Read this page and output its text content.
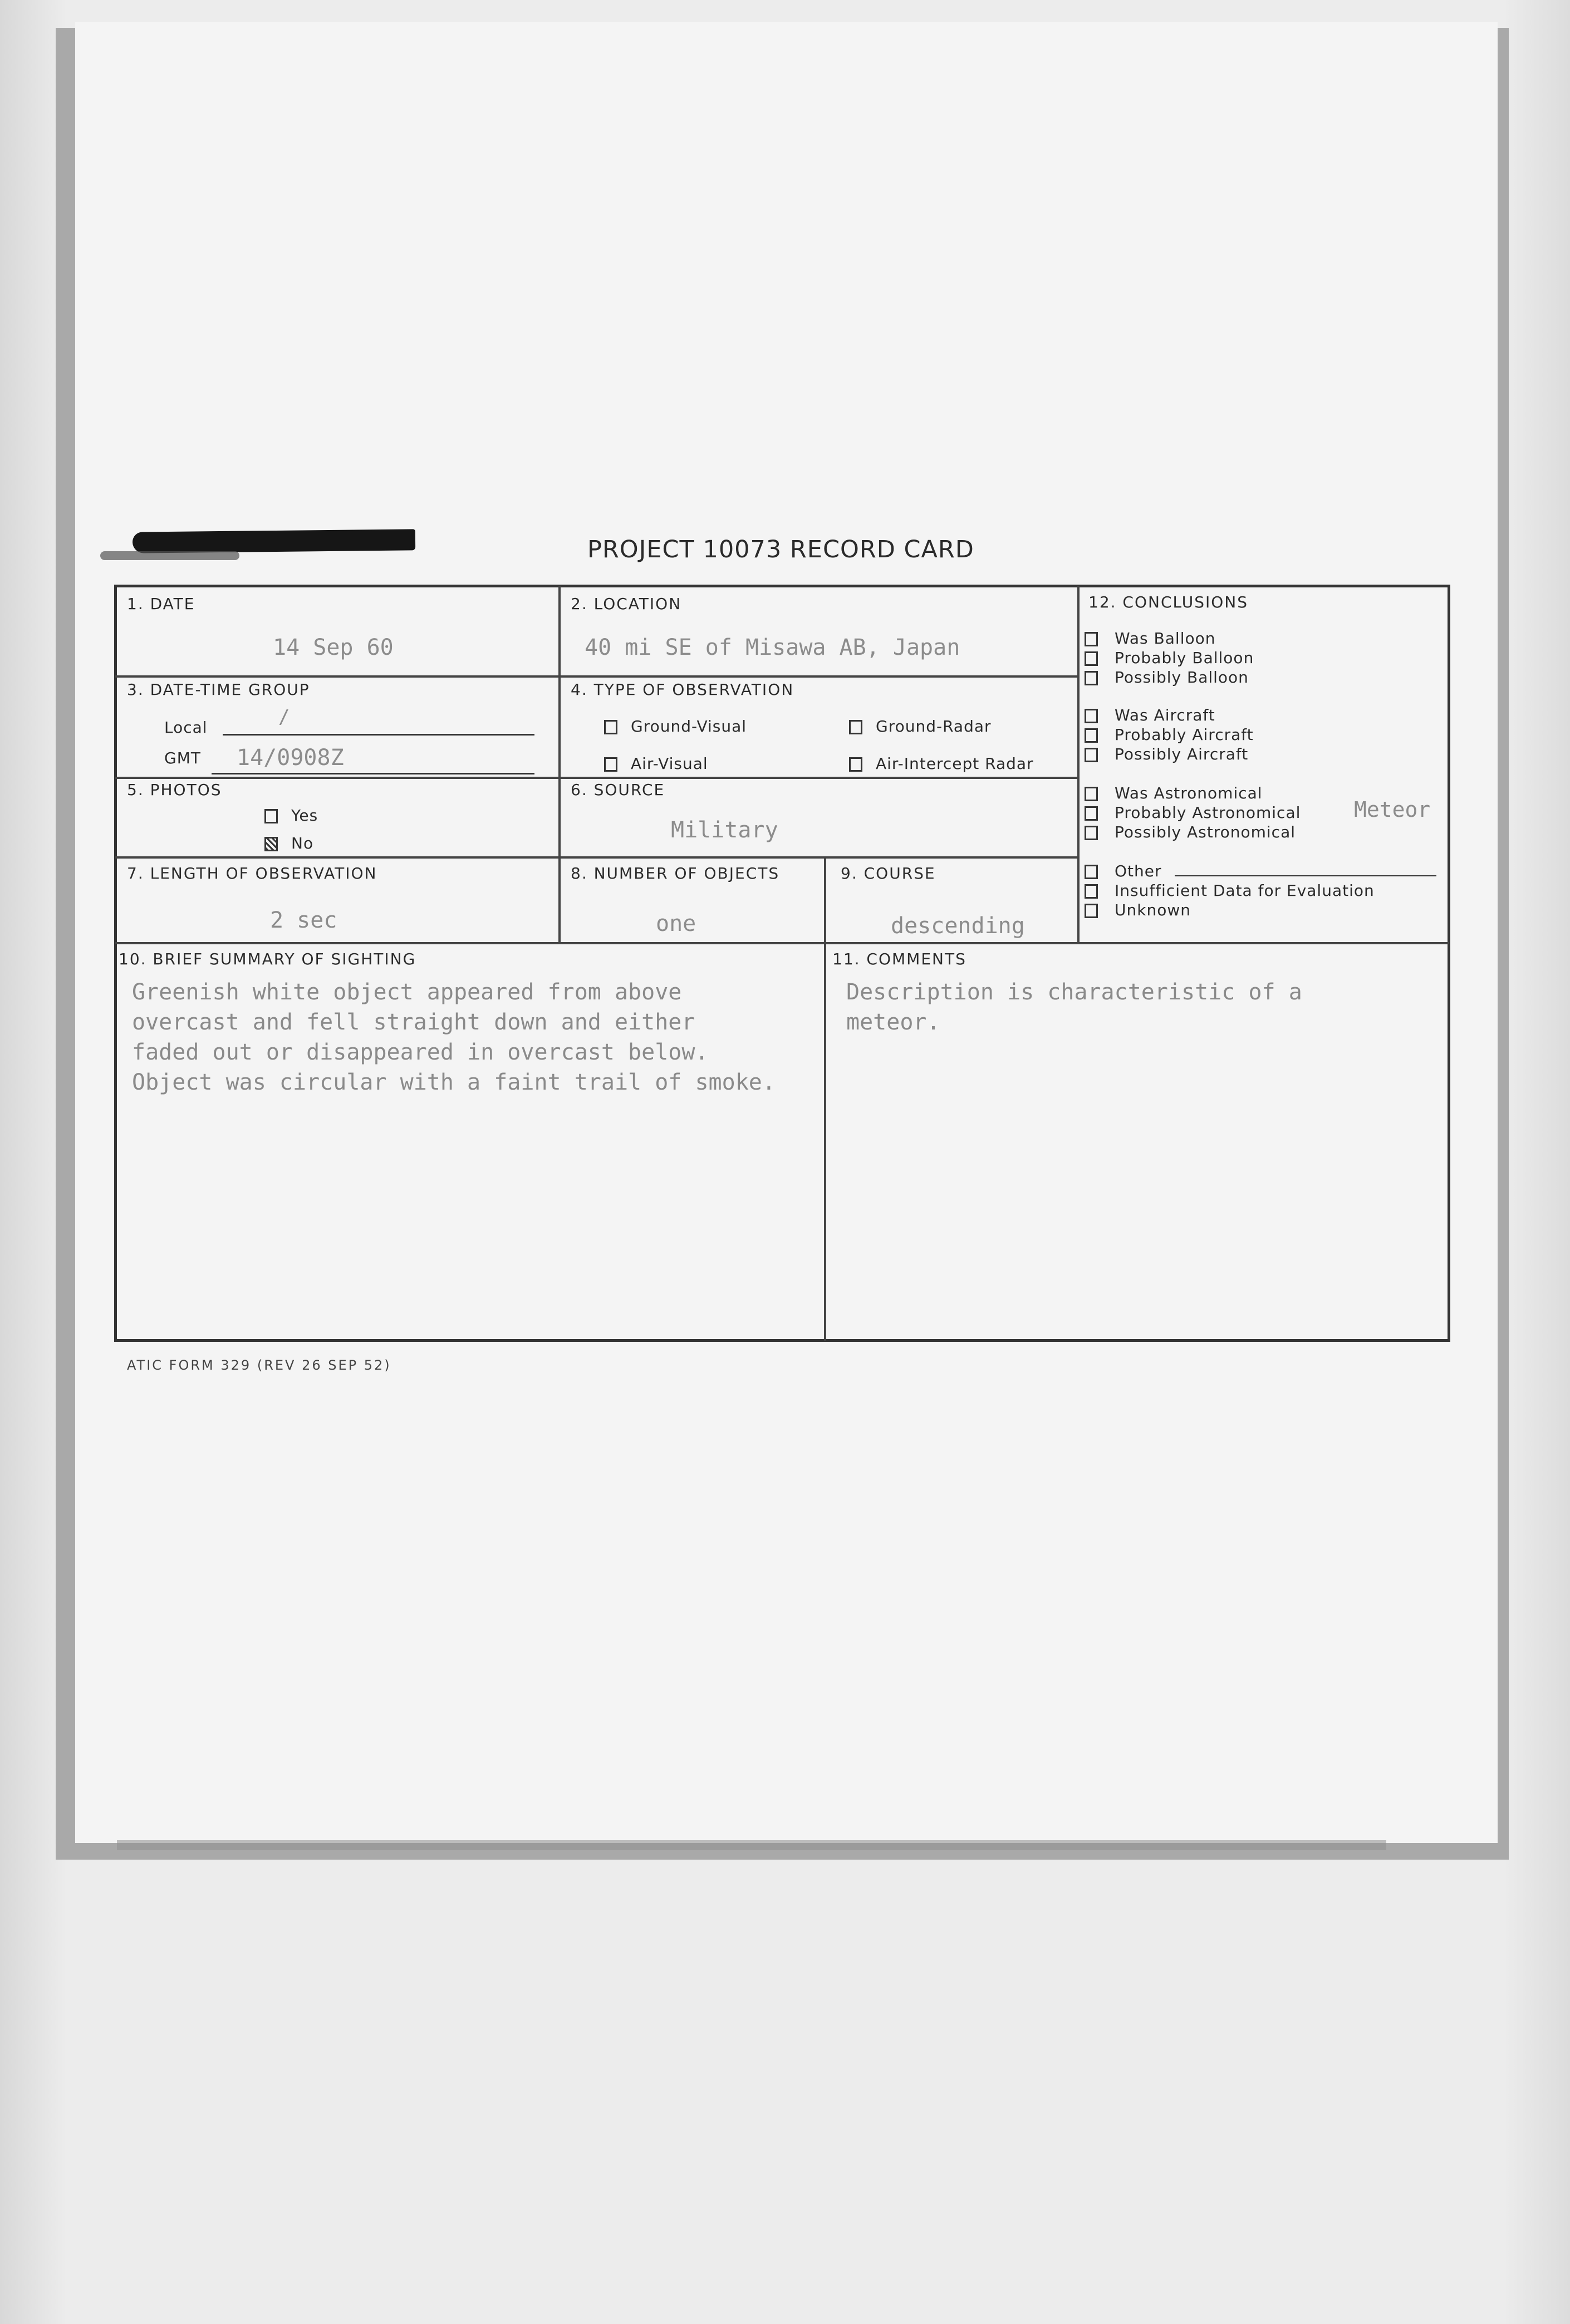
PROJECT 10073 RECORD CARD
1. DATE
14 Sep 60
2. LOCATION
40 mi SE of Misawa AB, Japan
3. DATE-TIME GROUP
Local	/
GMT 14/0908Z
4. TYPE OF OBSERVATION
Ground-Visual	Ground-Radar
Air-Visual	Air-Intercept Radar
5. PHOTOS
Yes
No
6. SOURCE
Military
7. LENGTH OF OBSERVATION
2 sec
8. NUMBER OF OBJECTS
one
9. COURSE
descending
12. CONCLUSIONS
Was Balloon
Probably Balloon
Possibly Balloon
Was Aircraft
Probably Aircraft
Possibly Aircraft
Was Astronomical
Probably Astronomical	Meteor
Possibly Astronomical
Other
Insufficient Data for Evaluation
Unknown
10. BRIEF SUMMARY OF SIGHTING
Greenish white object appeared from above
overcast and fell straight down and either
faded out or disappeared in overcast below.
Object was circular with a faint trail of smoke.
11. COMMENTS
Description is characteristic of a
meteor.
ATIC FORM 329 (REV 26 SEP 52)
